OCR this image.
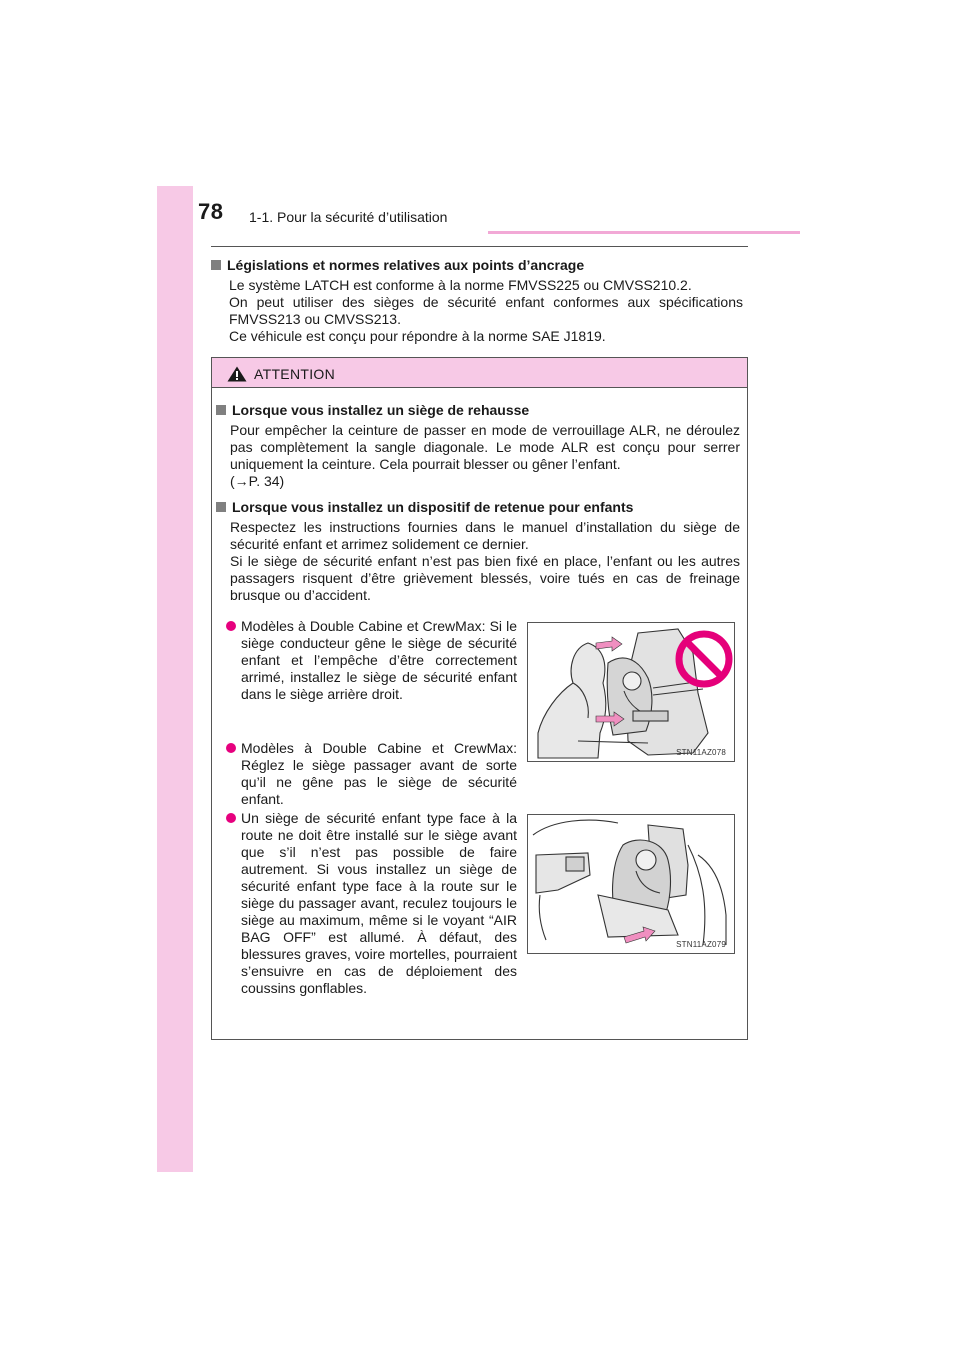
78 1-1. Pour la sécurité d’utilisation
Législations et normes relatives aux points d’ancrage

Le système LATCH est conforme à la norme FMVSS225 ou CMVSS210.2.

On peut utiliser des sièges de sécurité enfant conformes aux spécifications FMVSS213 ou CMVSS213.

Ce véhicule est conçu pour répondre à la norme SAE J1819.

ATTENTION
Lorsque vous installez un siège de rehausse

Pour empêcher la ceinture de passer en mode de verrouillage ALR, ne déroulez pas complètement la sangle diagonale. Le mode ALR est conçu pour serrer uniquement la ceinture. Cela pourrait blesser ou gêner l’enfant.

(→P. 34)

Lorsque vous installez un dispositif de retenue pour enfants

Respectez les instructions fournies dans le manuel d’installation du siège de sécurité enfant et arrimez solidement ce dernier.

Si le siège de sécurité enfant n’est pas bien fixé en place, l’enfant ou les autres passagers risquent d’être grièvement blessés, voire tués en cas de freinage brusque ou d’accident.

Modèles à Double Cabine et CrewMax: Si le siège conducteur gêne le siège de sécurité enfant et l’empêche d’être correctement arrimé, installez le siège de sécurité enfant dans le siège arrière droit.
Modèles à Double Cabine et CrewMax: Réglez le siège passager avant de sorte qu’il ne gêne pas le siège de sécurité enfant.
Un siège de sécurité enfant type face à la route ne doit être installé sur le siège avant que s’il n’est pas possible de faire autrement. Si vous installez un siège de sécurité enfant type face à la route sur le siège du passager avant, reculez toujours le siège au maximum, même si le voyant “AIR BAG OFF” est allumé. À défaut, des blessures graves, voire mortelles, pourraient s’ensuivre en cas de déploiement des coussins gonflables.
STN11AZ078
STN11AZ079
